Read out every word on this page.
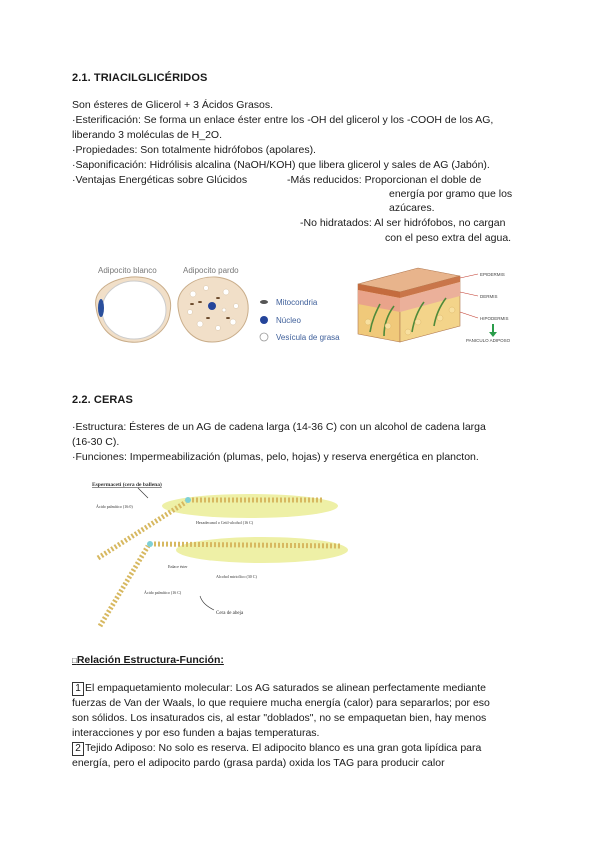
2.1. TRIACILGLICÉRIDOS
Son ésteres de Glicerol + 3 Ácidos Grasos.
·Esterificación: Se forma un enlace éster entre los -OH del glicerol y los -COOH de los AG,
liberando 3 moléculas de H_2O.
·Propiedades: Son totalmente hidrófobos (apolares).
·Saponificación: Hidrólisis alcalina (NaOH/KOH) que libera glicerol y sales de AG (Jabón).
·Ventajas Energéticas sobre Glúcidos	-Más reducidos: Proporcionan el doble de
energía por gramo que los
azúcares.
-No hidratados: Al ser hidrófobos, no cargan
con el peso extra del agua.
Adipocito blanco	Adipocito pardo
Mitocondria
Núcleo
Vesícula de grasa
EPIDERMIS
DERMIS
HIPODERMIS
PANICULO ADIPOSO
2.2. CERAS
·Estructura: Ésteres de un AG de cadena larga (14-36 C) con un alcohol de cadena larga
(16-30 C).
·Funciones: Impermeabilización (plumas, pelo, hojas) y reserva energética en plancton.
Espermaceti (cera de ballena)
Ácido palmítico (16:0)
Hexadecanol o Cetil-alcohol (16 C)
Enlace éster
Alcohol miricílico (30 C)
Ácido palmítico (16 C)
Cera de abeja
□Relación Estructura-Función:
1 El empaquetamiento molecular: Los AG saturados se alinean perfectamente mediante
fuerzas de Van der Waals, lo que requiere mucha energía (calor) para separarlos; por eso
son sólidos. Los insaturados cis, al estar "doblados", no se empaquetan bien, hay menos
interacciones y por eso funden a bajas temperaturas.
2 Tejido Adiposo: No solo es reserva. El adipocito blanco es una gran gota lipídica para
energía, pero el adipocito pardo (grasa parda) oxida los TAG para producir calor
